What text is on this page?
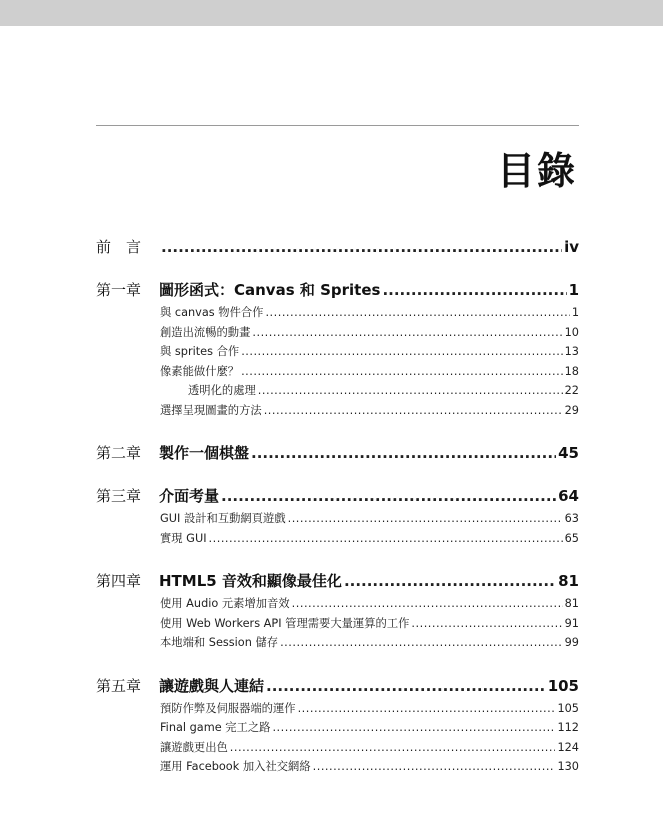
目錄
前　言 .....	iv
第一章	圖形函式：Canvas 和 Sprites .....	1
與 canvas 物件合作 .....	1
創造出流暢的動畫 .....	10
與 sprites 合作 .....	13
像素能做什麼？ .....	18
透明化的處理 .....	22
選擇呈現圖畫的方法 .....	29
第二章	製作一個棋盤 .....	45
第三章	介面考量 .....	64
GUI 設計和互動網頁遊戲 .....	63
實現 GUI .....	65
第四章	HTML5 音效和顯像最佳化 .....	81
使用 Audio 元素增加音效 .....	81
使用 Web Workers API 管理需要大量運算的工作 .....	91
本地端和 Session 儲存 .....	99
第五章	讓遊戲與人連結 .....	105
預防作弊及伺服器端的運作 .....	105
Final game 完工之路 .....	112
讓遊戲更出色 .....	124
運用 Facebook 加入社交網絡 .....	130
